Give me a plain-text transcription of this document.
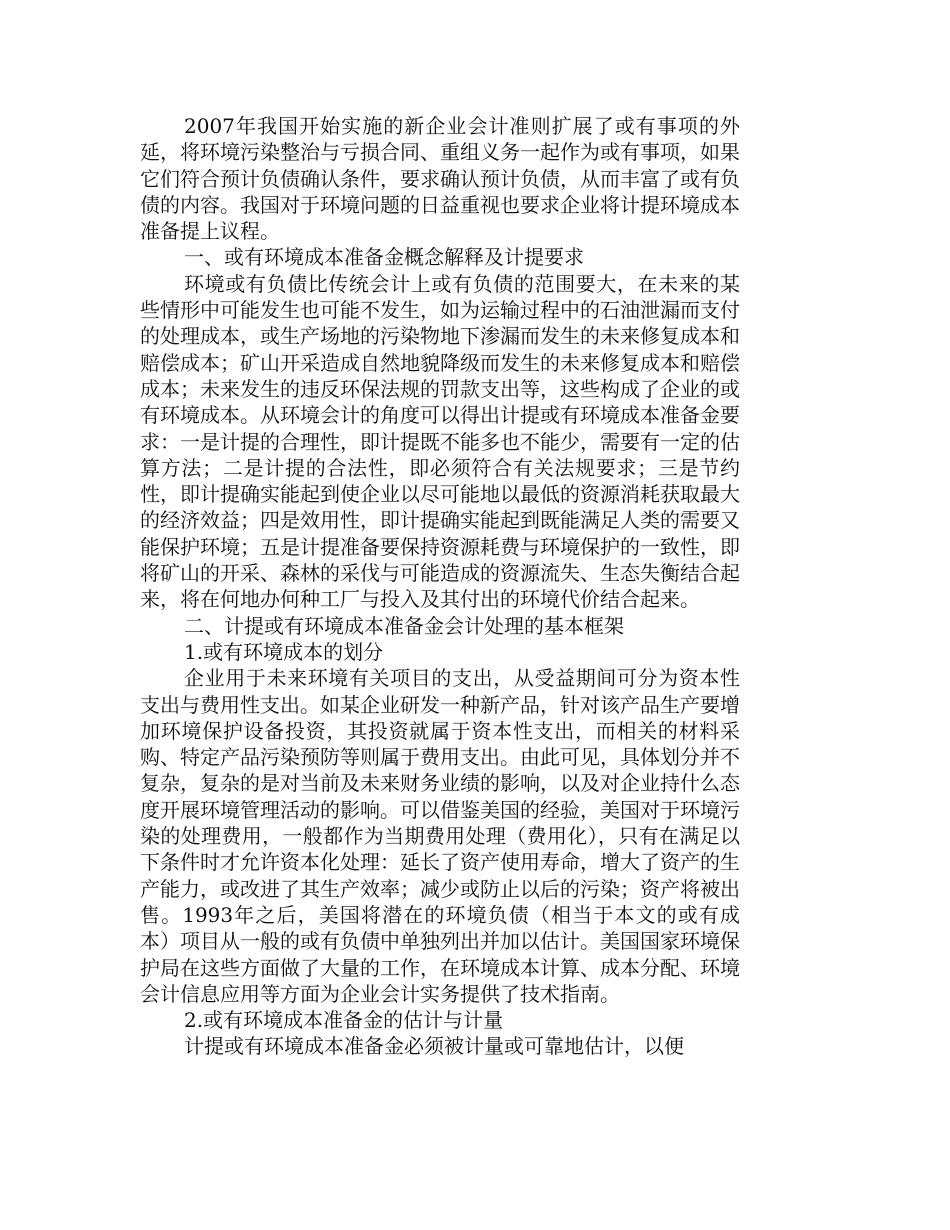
2007年我国开始实施的新企业会计准则扩展了或有事项的外延，将环境污染整治与亏损合同、重组义务一起作为或有事项，如果它们符合预计负债确认条件，要求确认预计负债，从而丰富了或有负债的内容。我国对于环境问题的日益重视也要求企业将计提环境成本准备提上议程。

一、或有环境成本准备金概念解释及计提要求

环境或有负债比传统会计上或有负债的范围要大，在未来的某些情形中可能发生也可能不发生，如为运输过程中的石油泄漏而支付的处理成本，或生产场地的污染物地下渗漏而发生的未来修复成本和赔偿成本；矿山开采造成自然地貌降级而发生的未来修复成本和赔偿成本；未来发生的违反环保法规的罚款支出等，这些构成了企业的或有环境成本。从环境会计的角度可以得出计提或有环境成本准备金要求：一是计提的合理性，即计提既不能多也不能少，需要有一定的估算方法；二是计提的合法性，即必须符合有关法规要求；三是节约性，即计提确实能起到使企业以尽可能地以最低的资源消耗获取最大的经济效益；四是效用性，即计提确实能起到既能满足人类的需要又能保护环境；五是计提准备要保持资源耗费与环境保护的一致性，即将矿山的开采、森林的采伐与可能造成的资源流失、生态失衡结合起来，将在何地办何种工厂与投入及其付出的环境代价结合起来。

二、计提或有环境成本准备金会计处理的基本框架

1.或有环境成本的划分

企业用于未来环境有关项目的支出，从受益期间可分为资本性支出与费用性支出。如某企业研发一种新产品，针对该产品生产要增加环境保护设备投资，其投资就属于资本性支出，而相关的材料采购、特定产品污染预防等则属于费用支出。由此可见，具体划分并不复杂，复杂的是对当前及未来财务业绩的影响，以及对企业持什么态度开展环境管理活动的影响。可以借鉴美国的经验，美国对于环境污染的处理费用，一般都作为当期费用处理（费用化），只有在满足以下条件时才允许资本化处理：延长了资产使用寿命，增大了资产的生产能力，或改进了其生产效率；减少或防止以后的污染；资产将被出售。1993年之后，美国将潜在的环境负债（相当于本文的或有成本）项目从一般的或有负债中单独列出并加以估计。美国国家环境保护局在这些方面做了大量的工作，在环境成本计算、成本分配、环境会计信息应用等方面为企业会计实务提供了技术指南。

2.或有环境成本准备金的估计与计量

计提或有环境成本准备金必须被计量或可靠地估计，以便
